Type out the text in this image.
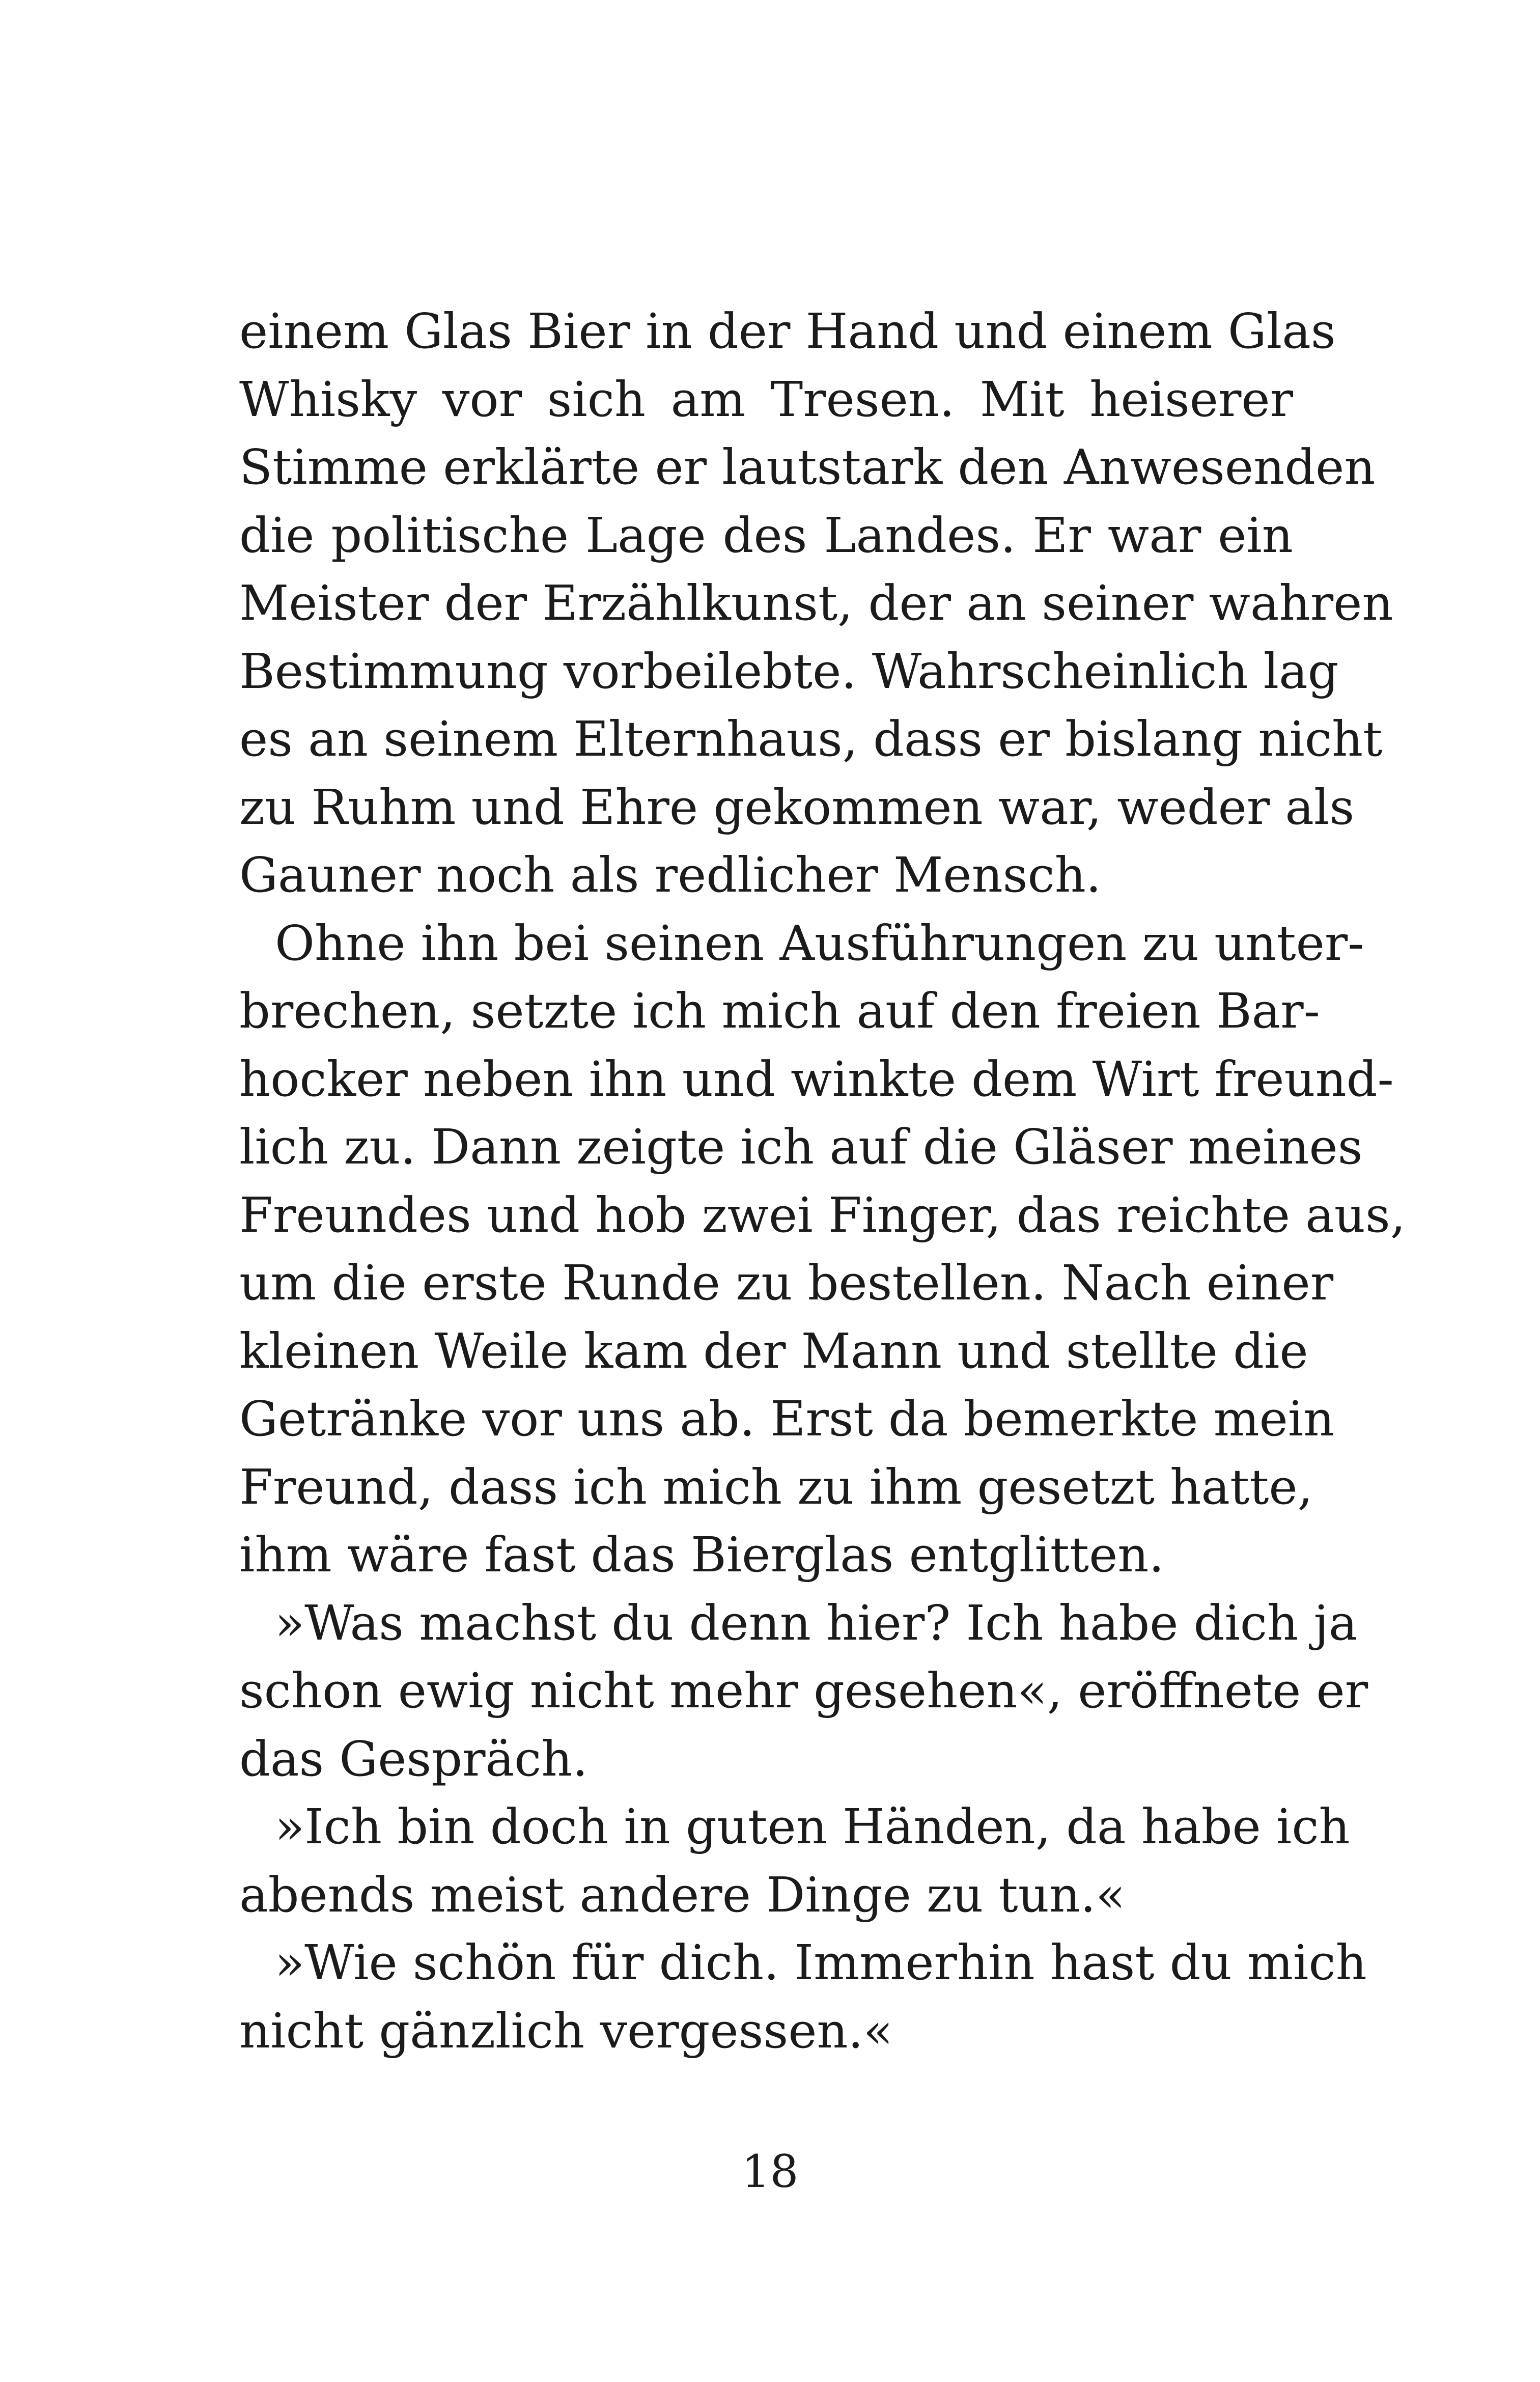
einem Glas Bier in der Hand und einem Glas
Whisky vor sich am Tresen. Mit heiserer
Stimme erklärte er lautstark den Anwesenden
die politische Lage des Landes. Er war ein
Meister der Erzählkunst, der an seiner wahren
Bestimmung vorbeilebte. Wahrscheinlich lag
es an seinem Elternhaus, dass er bislang nicht
zu Ruhm und Ehre gekommen war, weder als
Gauner noch als redlicher Mensch.
Ohne ihn bei seinen Ausführungen zu unter-
brechen, setzte ich mich auf den freien Bar-
hocker neben ihn und winkte dem Wirt freund-
lich zu. Dann zeigte ich auf die Gläser meines
Freundes und hob zwei Finger, das reichte aus,
um die erste Runde zu bestellen. Nach einer
kleinen Weile kam der Mann und stellte die
Getränke vor uns ab. Erst da bemerkte mein
Freund, dass ich mich zu ihm gesetzt hatte,
ihm wäre fast das Bierglas entglitten.
»Was machst du denn hier? Ich habe dich ja
schon ewig nicht mehr gesehen«, eröffnete er
das Gespräch.
»Ich bin doch in guten Händen, da habe ich
abends meist andere Dinge zu tun.«
»Wie schön für dich. Immerhin hast du mich
nicht gänzlich vergessen.«
18
